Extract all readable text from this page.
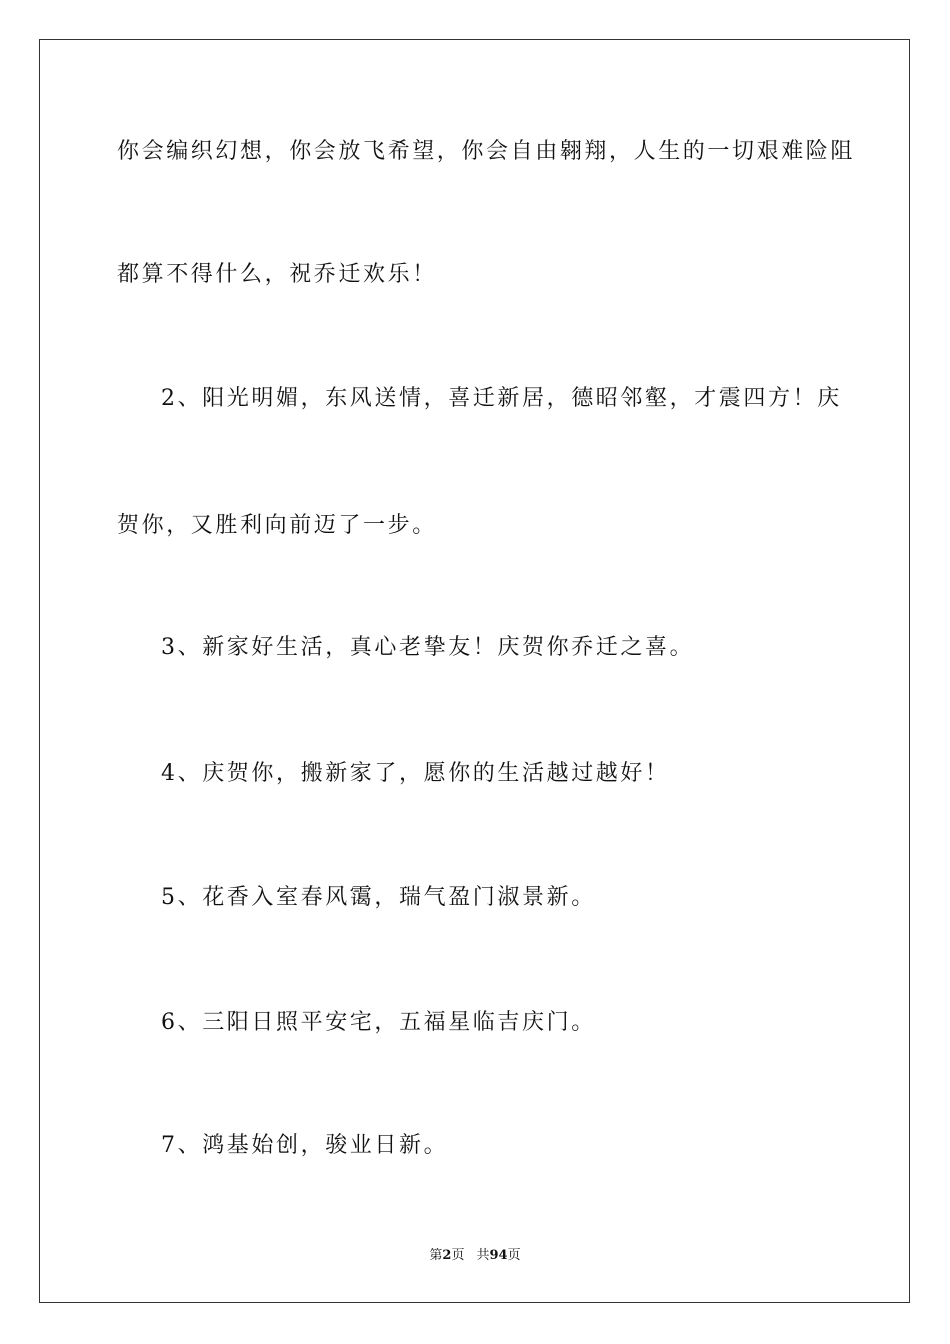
你会编织幻想，你会放飞希望，你会自由翱翔，人生的一切艰难险阻
都算不得什么，祝乔迁欢乐！
2、阳光明媚，东风送情，喜迁新居，德昭邻壑，才震四方！庆
贺你，又胜利向前迈了一步。
3、新家好生活，真心老挚友！庆贺你乔迁之喜。
4、庆贺你，搬新家了，愿你的生活越过越好！
5、花香入室春风霭，瑞气盈门淑景新。
6、三阳日照平安宅，五福星临吉庆门。
7、鸿基始创，骏业日新。
第2页 共94页
